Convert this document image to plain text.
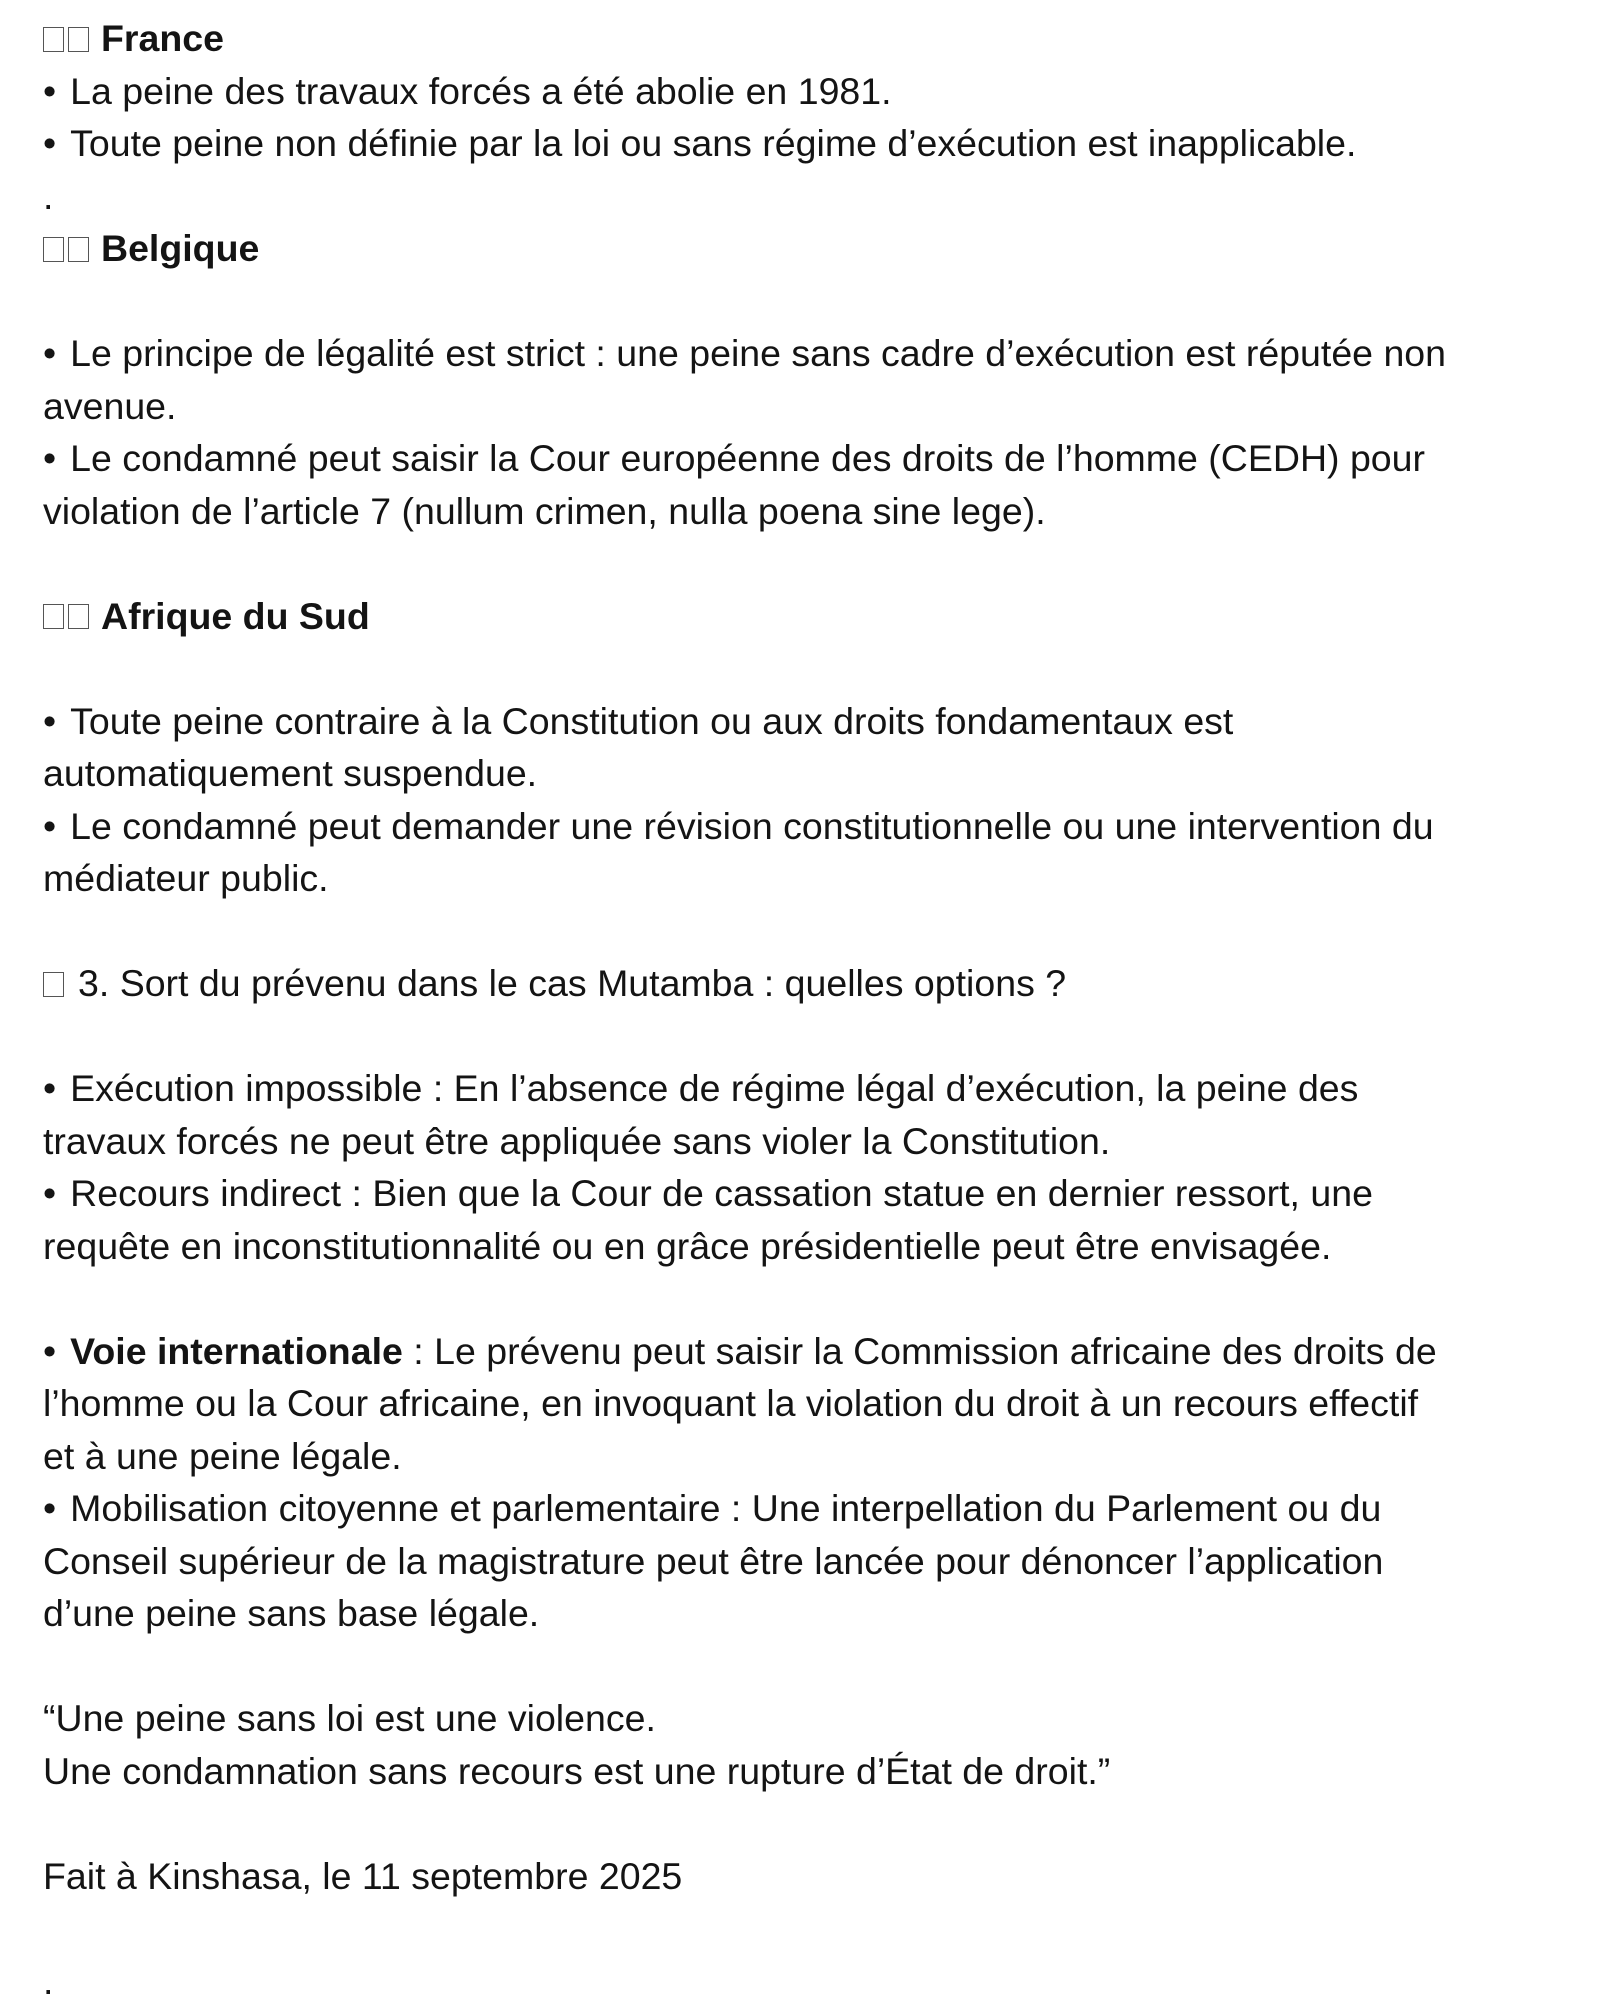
France
• La peine des travaux forcés a été abolie en 1981.
• Toute peine non définie par la loi ou sans régime d’exécution est inapplicable.
.
Belgique
• Le principe de légalité est strict : une peine sans cadre d’exécution est réputée non
avenue.
• Le condamné peut saisir la Cour européenne des droits de l’homme (CEDH) pour
violation de l’article 7 (nullum crimen, nulla poena sine lege).
Afrique du Sud
• Toute peine contraire à la Constitution ou aux droits fondamentaux est
automatiquement suspendue.
• Le condamné peut demander une révision constitutionnelle ou une intervention du
médiateur public.
3. Sort du prévenu dans le cas Mutamba : quelles options ?
• Exécution impossible : En l’absence de régime légal d’exécution, la peine des
travaux forcés ne peut être appliquée sans violer la Constitution.
• Recours indirect : Bien que la Cour de cassation statue en dernier ressort, une
requête en inconstitutionnalité ou en grâce présidentielle peut être envisagée.
• Voie internationale : Le prévenu peut saisir la Commission africaine des droits de
l’homme ou la Cour africaine, en invoquant la violation du droit à un recours effectif
et à une peine légale.
• Mobilisation citoyenne et parlementaire : Une interpellation du Parlement ou du
Conseil supérieur de la magistrature peut être lancée pour dénoncer l’application
d’une peine sans base légale.
“Une peine sans loi est une violence.
Une condamnation sans recours est une rupture d’État de droit.”
Fait à Kinshasa, le 11 septembre 2025
.
